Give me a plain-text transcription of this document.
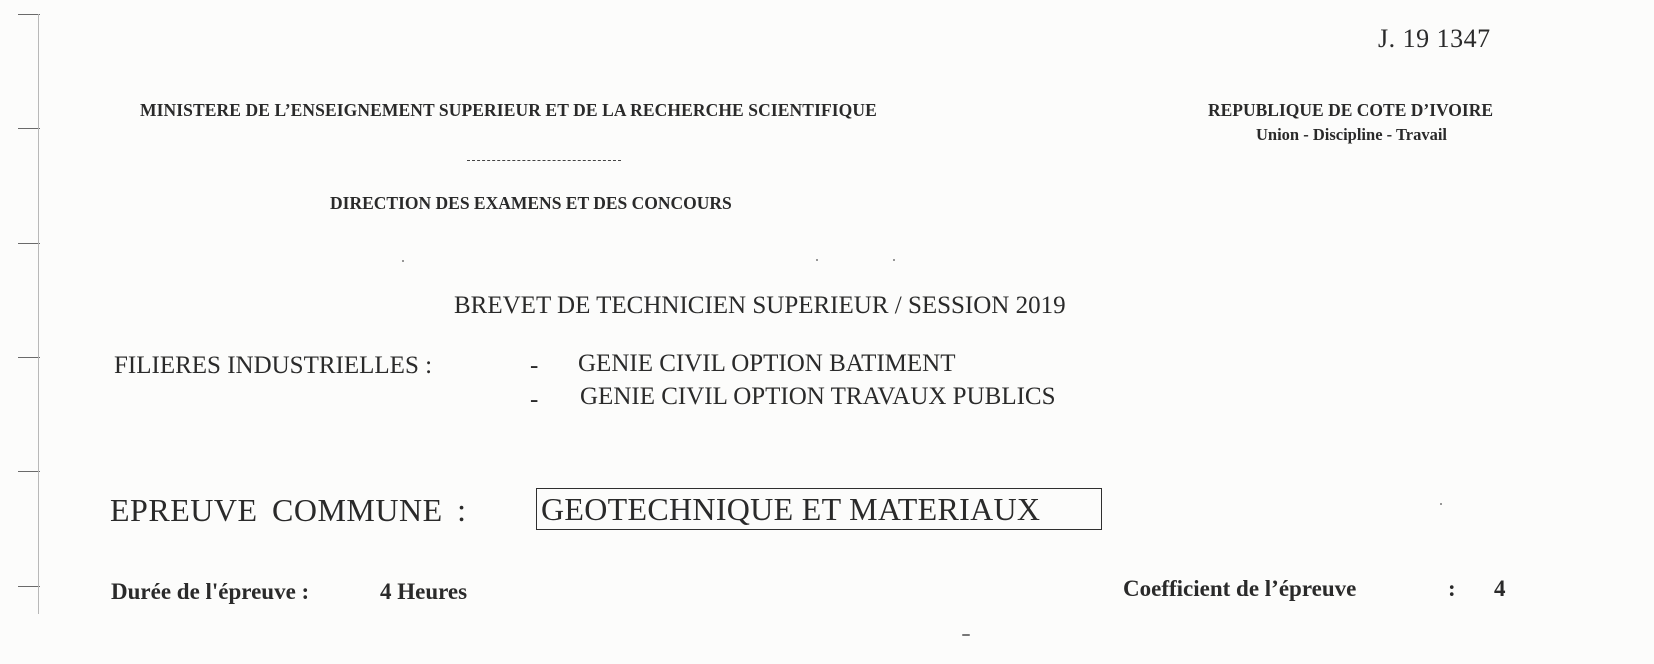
J. 19 1347
MINISTERE DE L’ENSEIGNEMENT SUPERIEUR ET DE LA RECHERCHE SCIENTIFIQUE
DIRECTION DES EXAMENS ET DES CONCOURS
REPUBLIQUE DE COTE D’IVOIRE
Union - Discipline - Travail
BREVET DE TECHNICIEN SUPERIEUR / SESSION 2019
FILIERES INDUSTRIELLES :	- GENIE CIVIL OPTION BATIMENT
- GENIE CIVIL OPTION TRAVAUX PUBLICS
EPREUVE COMMUNE : GEOTECHNIQUE ET MATERIAUX
Durée de l'épreuve :	4 Heures	Coefficient de l’épreuve	: 4
